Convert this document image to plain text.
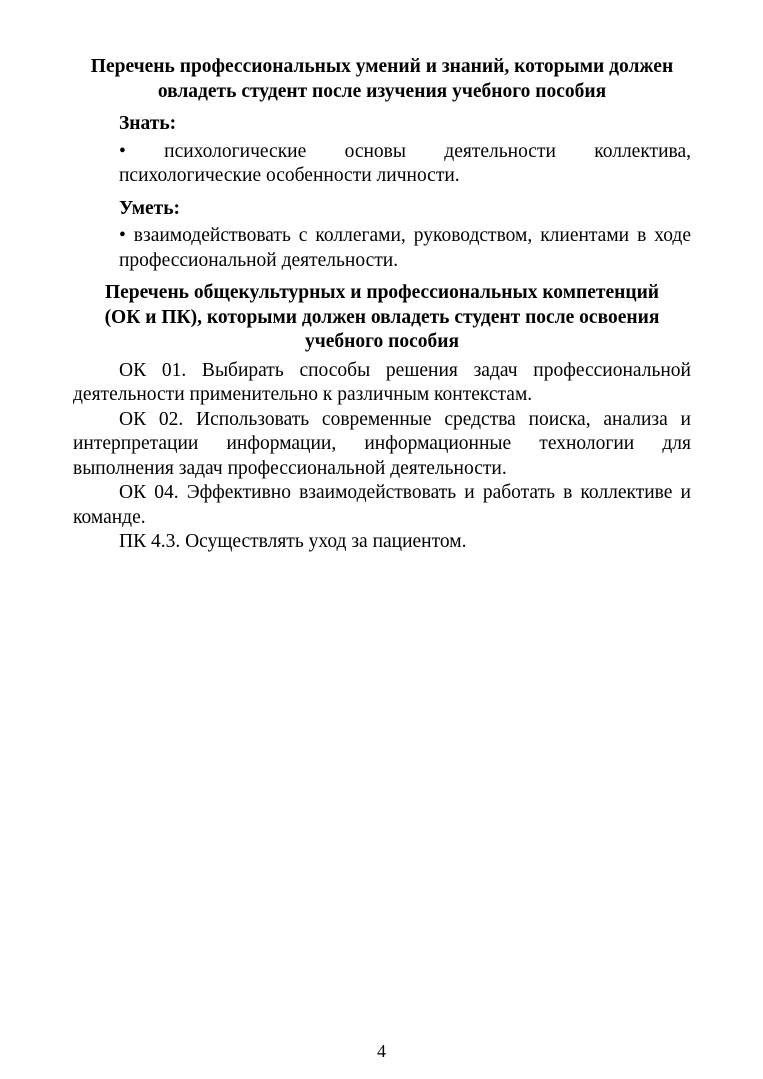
Перечень профессиональных умений и знаний, которыми должен
овладеть студент после изучения учебного пособия
Знать:
• психологические основы деятельности коллектива, психологические особенности личности.
Уметь:
• взаимодействовать с коллегами, руководством, клиентами в ходе профессиональной деятельности.
Перечень общекультурных и профессиональных компетенций
(ОК и ПК), которыми должен овладеть студент после освоения
учебного пособия

ОК 01. Выбирать способы решения задач профессиональной деятельности применительно к различным контекстам.

ОК 02. Использовать современные средства поиска, анализа и интерпретации информации, информационные технологии для выполнения задач профессиональной деятельности.

ОК 04. Эффективно взаимодействовать и работать в коллективе и команде.

ПК 4.3. Осуществлять уход за пациентом.

4
